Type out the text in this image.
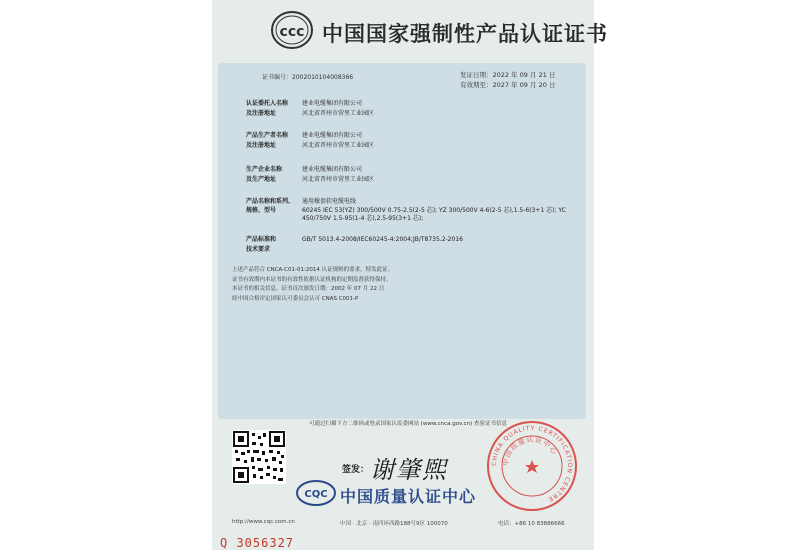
ccc 中国国家强制性产品认证证书
证书编号：2002010104008366	发证日期：2022 年 09 月 21 日
有效期至：2027 年 09 月 20 日
认证委托人名称	建业电缆集团有限公司
及注册地址	河北省晋州市营里工业园区
产品生产者名称	建业电缆集团有限公司
及注册地址	河北省晋州市营里工业园区
生产企业名称	建业电缆集团有限公司
及生产地址	河北省晋州市营里工业园区
产品名称和系列、	通用橡套软电缆电线
规格、型号	60245 IEC 53(YZ) 300/500V 0.75-2.5(2-5 芯); YZ 300/500V 4-6(2-5 芯),1.5-6(3+1 芯); YC
450/750V 1.5-95(1-4 芯),2.5-95(3+1 芯);
产品标准和	GB/T 5013.4-2008/IEC60245-4:2004;JB/T8735.2-2016
技术要求
上述产品符合 CNCA-C01-01:2014 认证规则的要求，特发此证。
证书有效期内本证书的有效性依据认证机构的定期监督获得保持。
本证书的相关信息，证书首次颁发日期：2002 年 07 月 22 日
经中国合格评定国家认可委员会认可 CNAS C001-P
可通过扫描下方二维码或登录国家认监委网站 (www.cnca.gov.cn) 查验证书信息
签发： 谢肇煕
CQC 中国质量认证中心
CHINA QUALITY CERTIFICATION CENTRE
中国质量认证中心
http://www.cqc.com.cn	中国 · 北京 · 南四环西路188号9区 100070	电话：+86 10 83886666
Q 3056327
